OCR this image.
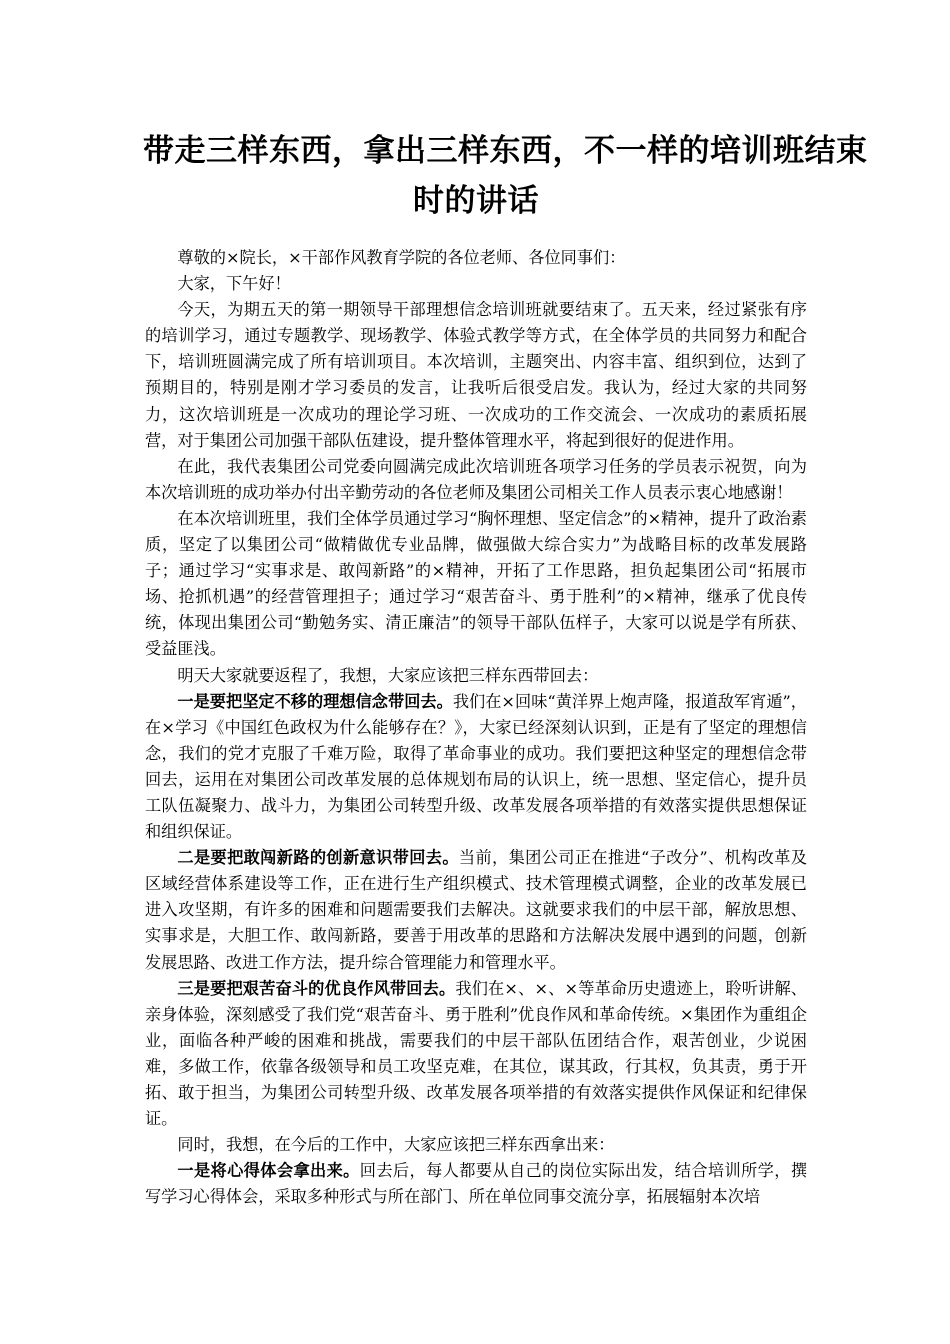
带走三样东西，拿出三样东西，不一样的培训班结束
时的讲话

尊敬的×院长，×干部作风教育学院的各位老师、各位同事们：

大家，下午好！

今天，为期五天的第一期领导干部理想信念培训班就要结束了。五天来，经过紧张有序的培训学习，通过专题教学、现场教学、体验式教学等方式，在全体学员的共同努力和配合下，培训班圆满完成了所有培训项目。本次培训，主题突出、内容丰富、组织到位，达到了预期目的，特别是刚才学习委员的发言，让我听后很受启发。我认为，经过大家的共同努力，这次培训班是一次成功的理论学习班、一次成功的工作交流会、一次成功的素质拓展营，对于集团公司加强干部队伍建设，提升整体管理水平，将起到很好的促进作用。

在此，我代表集团公司党委向圆满完成此次培训班各项学习任务的学员表示祝贺，向为本次培训班的成功举办付出辛勤劳动的各位老师及集团公司相关工作人员表示衷心地感谢！

在本次培训班里，我们全体学员通过学习“胸怀理想、坚定信念”的×精神，提升了政治素质，坚定了以集团公司“做精做优专业品牌，做强做大综合实力”为战略目标的改革发展路子；通过学习“实事求是、敢闯新路”的×精神，开拓了工作思路，担负起集团公司“拓展市场、抢抓机遇”的经营管理担子；通过学习“艰苦奋斗、勇于胜利”的×精神，继承了优良传统，体现出集团公司“勤勉务实、清正廉洁”的领导干部队伍样子，大家可以说是学有所获、受益匪浅。

明天大家就要返程了，我想，大家应该把三样东西带回去：

一是要把坚定不移的理想信念带回去。我们在×回味“黄洋界上炮声隆，报道敌军宵遁”，在×学习《中国红色政权为什么能够存在？》，大家已经深刻认识到，正是有了坚定的理想信念，我们的党才克服了千难万险，取得了革命事业的成功。我们要把这种坚定的理想信念带回去，运用在对集团公司改革发展的总体规划布局的认识上，统一思想、坚定信心，提升员工队伍凝聚力、战斗力，为集团公司转型升级、改革发展各项举措的有效落实提供思想保证和组织保证。

二是要把敢闯新路的创新意识带回去。当前，集团公司正在推进“子改分”、机构改革及区域经营体系建设等工作，正在进行生产组织模式、技术管理模式调整，企业的改革发展已进入攻坚期，有许多的困难和问题需要我们去解决。这就要求我们的中层干部，解放思想、实事求是，大胆工作、敢闯新路，要善于用改革的思路和方法解决发展中遇到的问题，创新发展思路、改进工作方法，提升综合管理能力和管理水平。

三是要把艰苦奋斗的优良作风带回去。我们在×、×、×等革命历史遗迹上，聆听讲解、亲身体验，深刻感受了我们党“艰苦奋斗、勇于胜利”优良作风和革命传统。×集团作为重组企业，面临各种严峻的困难和挑战，需要我们的中层干部队伍团结合作，艰苦创业，少说困难，多做工作，依靠各级领导和员工攻坚克难，在其位，谋其政，行其权，负其责，勇于开拓、敢于担当，为集团公司转型升级、改革发展各项举措的有效落实提供作风保证和纪律保证。

同时，我想，在今后的工作中，大家应该把三样东西拿出来：

一是将心得体会拿出来。回去后，每人都要从自己的岗位实际出发，结合培训所学，撰写学习心得体会，采取多种形式与所在部门、所在单位同事交流分享，拓展辐射本次培
